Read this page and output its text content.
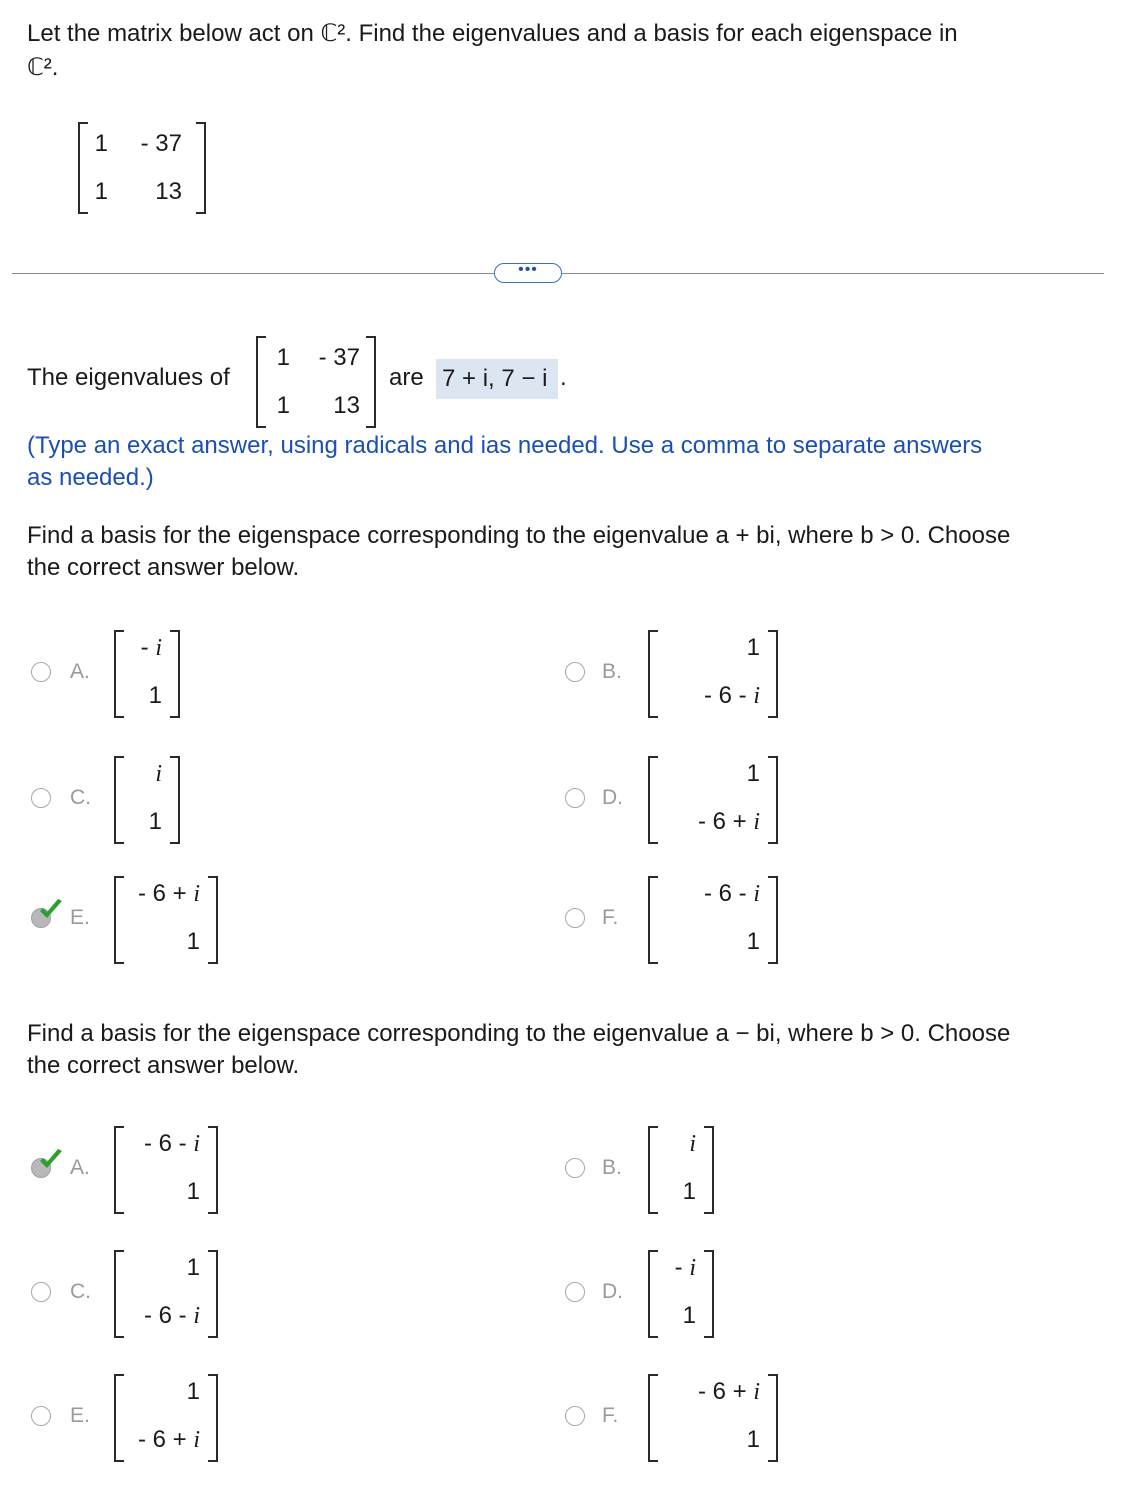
Let the matrix below act on ℂ². Find the eigenvalues and a basis for each eigenspace in
ℂ².
1	- 37
1	13
•••
The eigenvalues of
1	- 37
1	13
are 7 + i, 7 − i .
(Type an exact answer, using radicals and ias needed. Use a comma to separate answers
as needed.)
Find a basis for the eigenspace corresponding to the eigenvalue a + bi, where b > 0. Choose
the correct answer below.
A.
- i
1
B.
1
- 6 - i
C.
i
1
D.
1
- 6 + i
E.
- 6 + i
1
F.
- 6 - i
1
Find a basis for the eigenspace corresponding to the eigenvalue a − bi, where b > 0. Choose
the correct answer below.
A.
- 6 - i
1
B.
i
1
C.
1
- 6 - i
D.
- i
1
E.
1
- 6 + i
F.
- 6 + i
1
